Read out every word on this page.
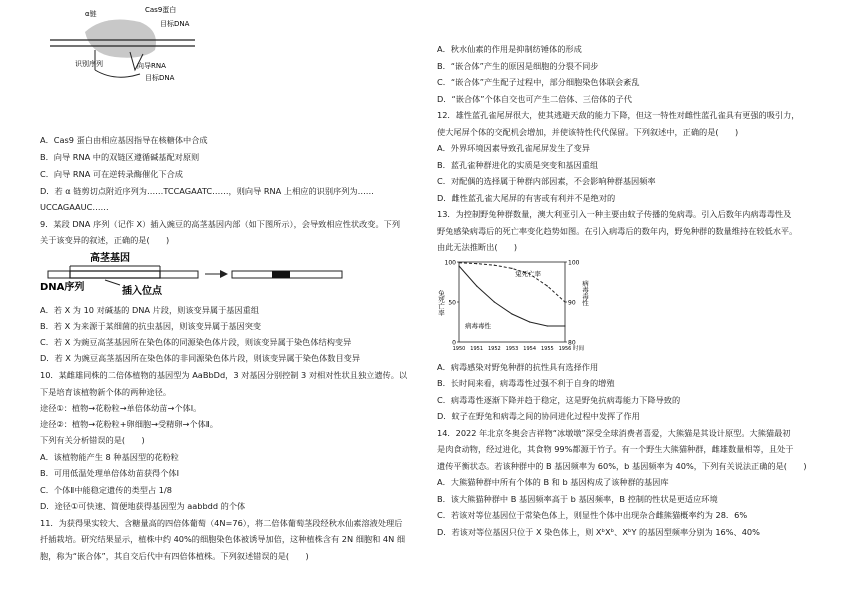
α链	Cas9蛋白
目标DNA
识别序列	向导RNA
目标DNA
A．Cas9 蛋白由相应基因指导在核糖体中合成
B．向导 RNA 中的双链区遵循碱基配对原则
C．向导 RNA 可在逆转录酶催化下合成
D．若 α 链剪切点附近序列为……TCCAGAATC……，则向导 RNA 上相应的识别序列为……
UCCAGAAUC……
9．某段 DNA 序列（记作 X）插入豌豆的高茎基因内部（如下图所示），会导致相应性状改变。下列
关于该变异的叙述，正确的是(　　)
高茎基因
DNA序列	插入位点
A．若 X 为 10 对碱基的 DNA 片段，则该变异属于基因重组
B．若 X 为来源于某细菌的抗虫基因，则该变异属于基因突变
C．若 X 为豌豆高茎基因所在染色体的同源染色体片段，则该变异属于染色体结构变异
D．若 X 为豌豆高茎基因所在染色体的非同源染色体片段，则该变异属于染色体数目变异
10．某雌雄同株的二倍体植物的基因型为 AaBbDd，3 对基因分别控制 3 对相对性状且独立遗传。以
下是培育该植物新个体的两种途径。
途径①：植物→花粉粒→单倍体幼苗→个体Ⅰ。
途径②：植物→花粉粒+卵细胞→受精卵→个体Ⅱ。
下列有关分析错误的是(　　)
A．该植物能产生 8 种基因型的花粉粒
B．可用低温处理单倍体幼苗获得个体Ⅰ
C．个体Ⅱ中能稳定遗传的类型占 1/8
D．途径①可快速、简便地获得基因型为 aabbdd 的个体
11．为获得果实较大、含糖量高的四倍体葡萄（4N=76），将二倍体葡萄茎段经秋水仙素溶液处理后
扦插栽培。研究结果显示，植株中约 40%的细胞染色体被诱导加倍，这种植株含有 2N 细胞和 4N 细
胞，称为“嵌合体”，其自交后代中有四倍体植株。下列叙述错误的是(　　)
A．秋水仙素的作用是抑制纺锤体的形成
B．“嵌合体”产生的原因是细胞的分裂不同步
C．“嵌合体”产生配子过程中，部分细胞染色体联会紊乱
D．“嵌合体”个体自交也可产生二倍体、三倍体的子代
12．雄性蓝孔雀尾屏很大，使其逃避天敌的能力下降，但这一特性对雌性蓝孔雀具有更强的吸引力，
使大尾屏个体的交配机会增加，并使该特性代代保留。下列叙述中，正确的是(　　)
A．外界环境因素导致孔雀尾屏发生了变异
B．蓝孔雀种群进化的实质是突变和基因重组
C．对配偶的选择属于种群内部因素，不会影响种群基因频率
D．雌性蓝孔雀大尾屏的有害或有利并不是绝对的
13．为控制野兔种群数量，澳大利亚引入一种主要由蚊子传播的兔病毒。引入后数年内病毒毒性及
野兔感染病毒后的死亡率变化趋势如图。在引入病毒后的数年内，野兔种群的数量维持在较低水平。
由此无法推断出(　　)
0
50
100
80
90
100
1950 1951 1952 1953 1954 1955 1956 时间
兔死亡率	病毒毒性
兔死亡率
病毒毒性
A．病毒感染对野兔种群的抗性具有选择作用
B．长时间来看，病毒毒性过强不利于自身的增殖
C．病毒毒性逐渐下降并趋于稳定，这是野兔抗病毒能力下降导致的
D．蚊子在野兔和病毒之间的协同进化过程中发挥了作用
14．2022 年北京冬奥会吉祥物“冰墩墩”深受全球消费者喜爱，大熊猫是其设计原型。大熊猫最初
是肉食动物，经过进化，其食物 99%都源于竹子。有一个野生大熊猫种群，雌雄数量相等，且处于
遗传平衡状态。若该种群中的 B 基因频率为 60%，b 基因频率为 40%，下列有关说法正确的是(　　)
A．大熊猫种群中所有个体的 B 和 b 基因构成了该种群的基因库
B．该大熊猫种群中 B 基因频率高于 b 基因频率，B 控制的性状是更适应环境
C．若该对等位基因位于常染色体上，则显性个体中出现杂合雌熊猫概率约为 28．6%
D．若该对等位基因只位于 X 染色体上，则 XᵇXᵇ、XᵇY 的基因型频率分别为 16%、40%
